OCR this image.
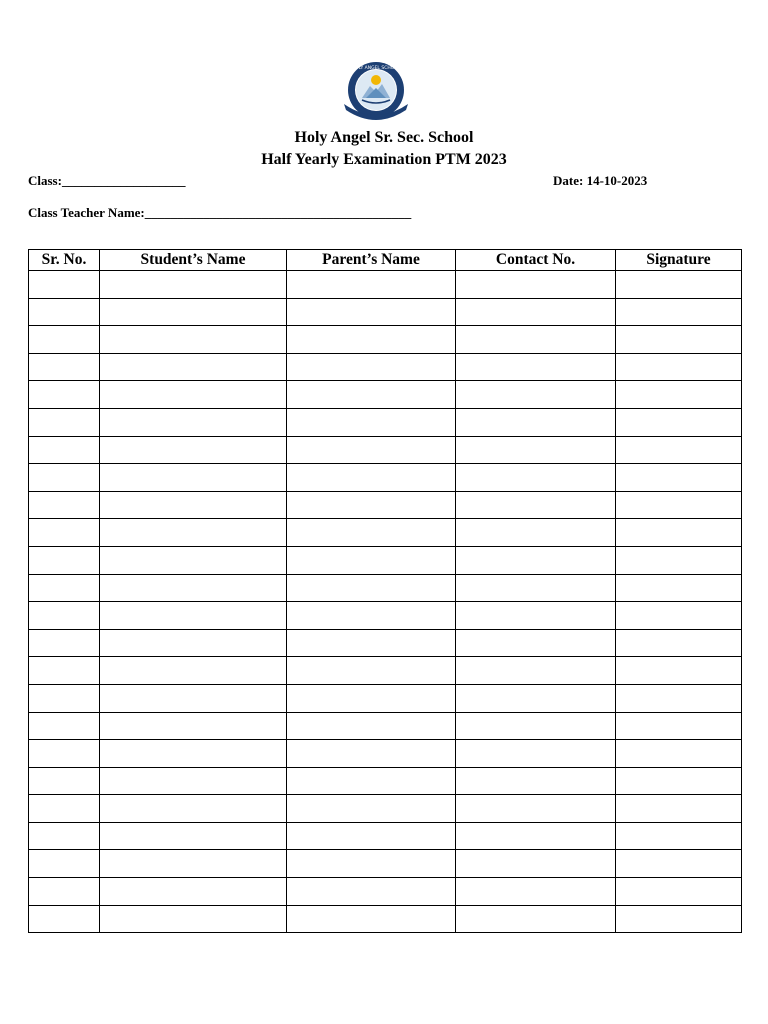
HOLY ANGEL SCHOOL
Holy Angel Sr. Sec. School
Half Yearly Examination PTM 2023
Class:___________________	Date: 14-10-2023
Class Teacher Name:_________________________________________
Sr. No.	Student’s Name	Parent’s Name	Contact No.	Signature
